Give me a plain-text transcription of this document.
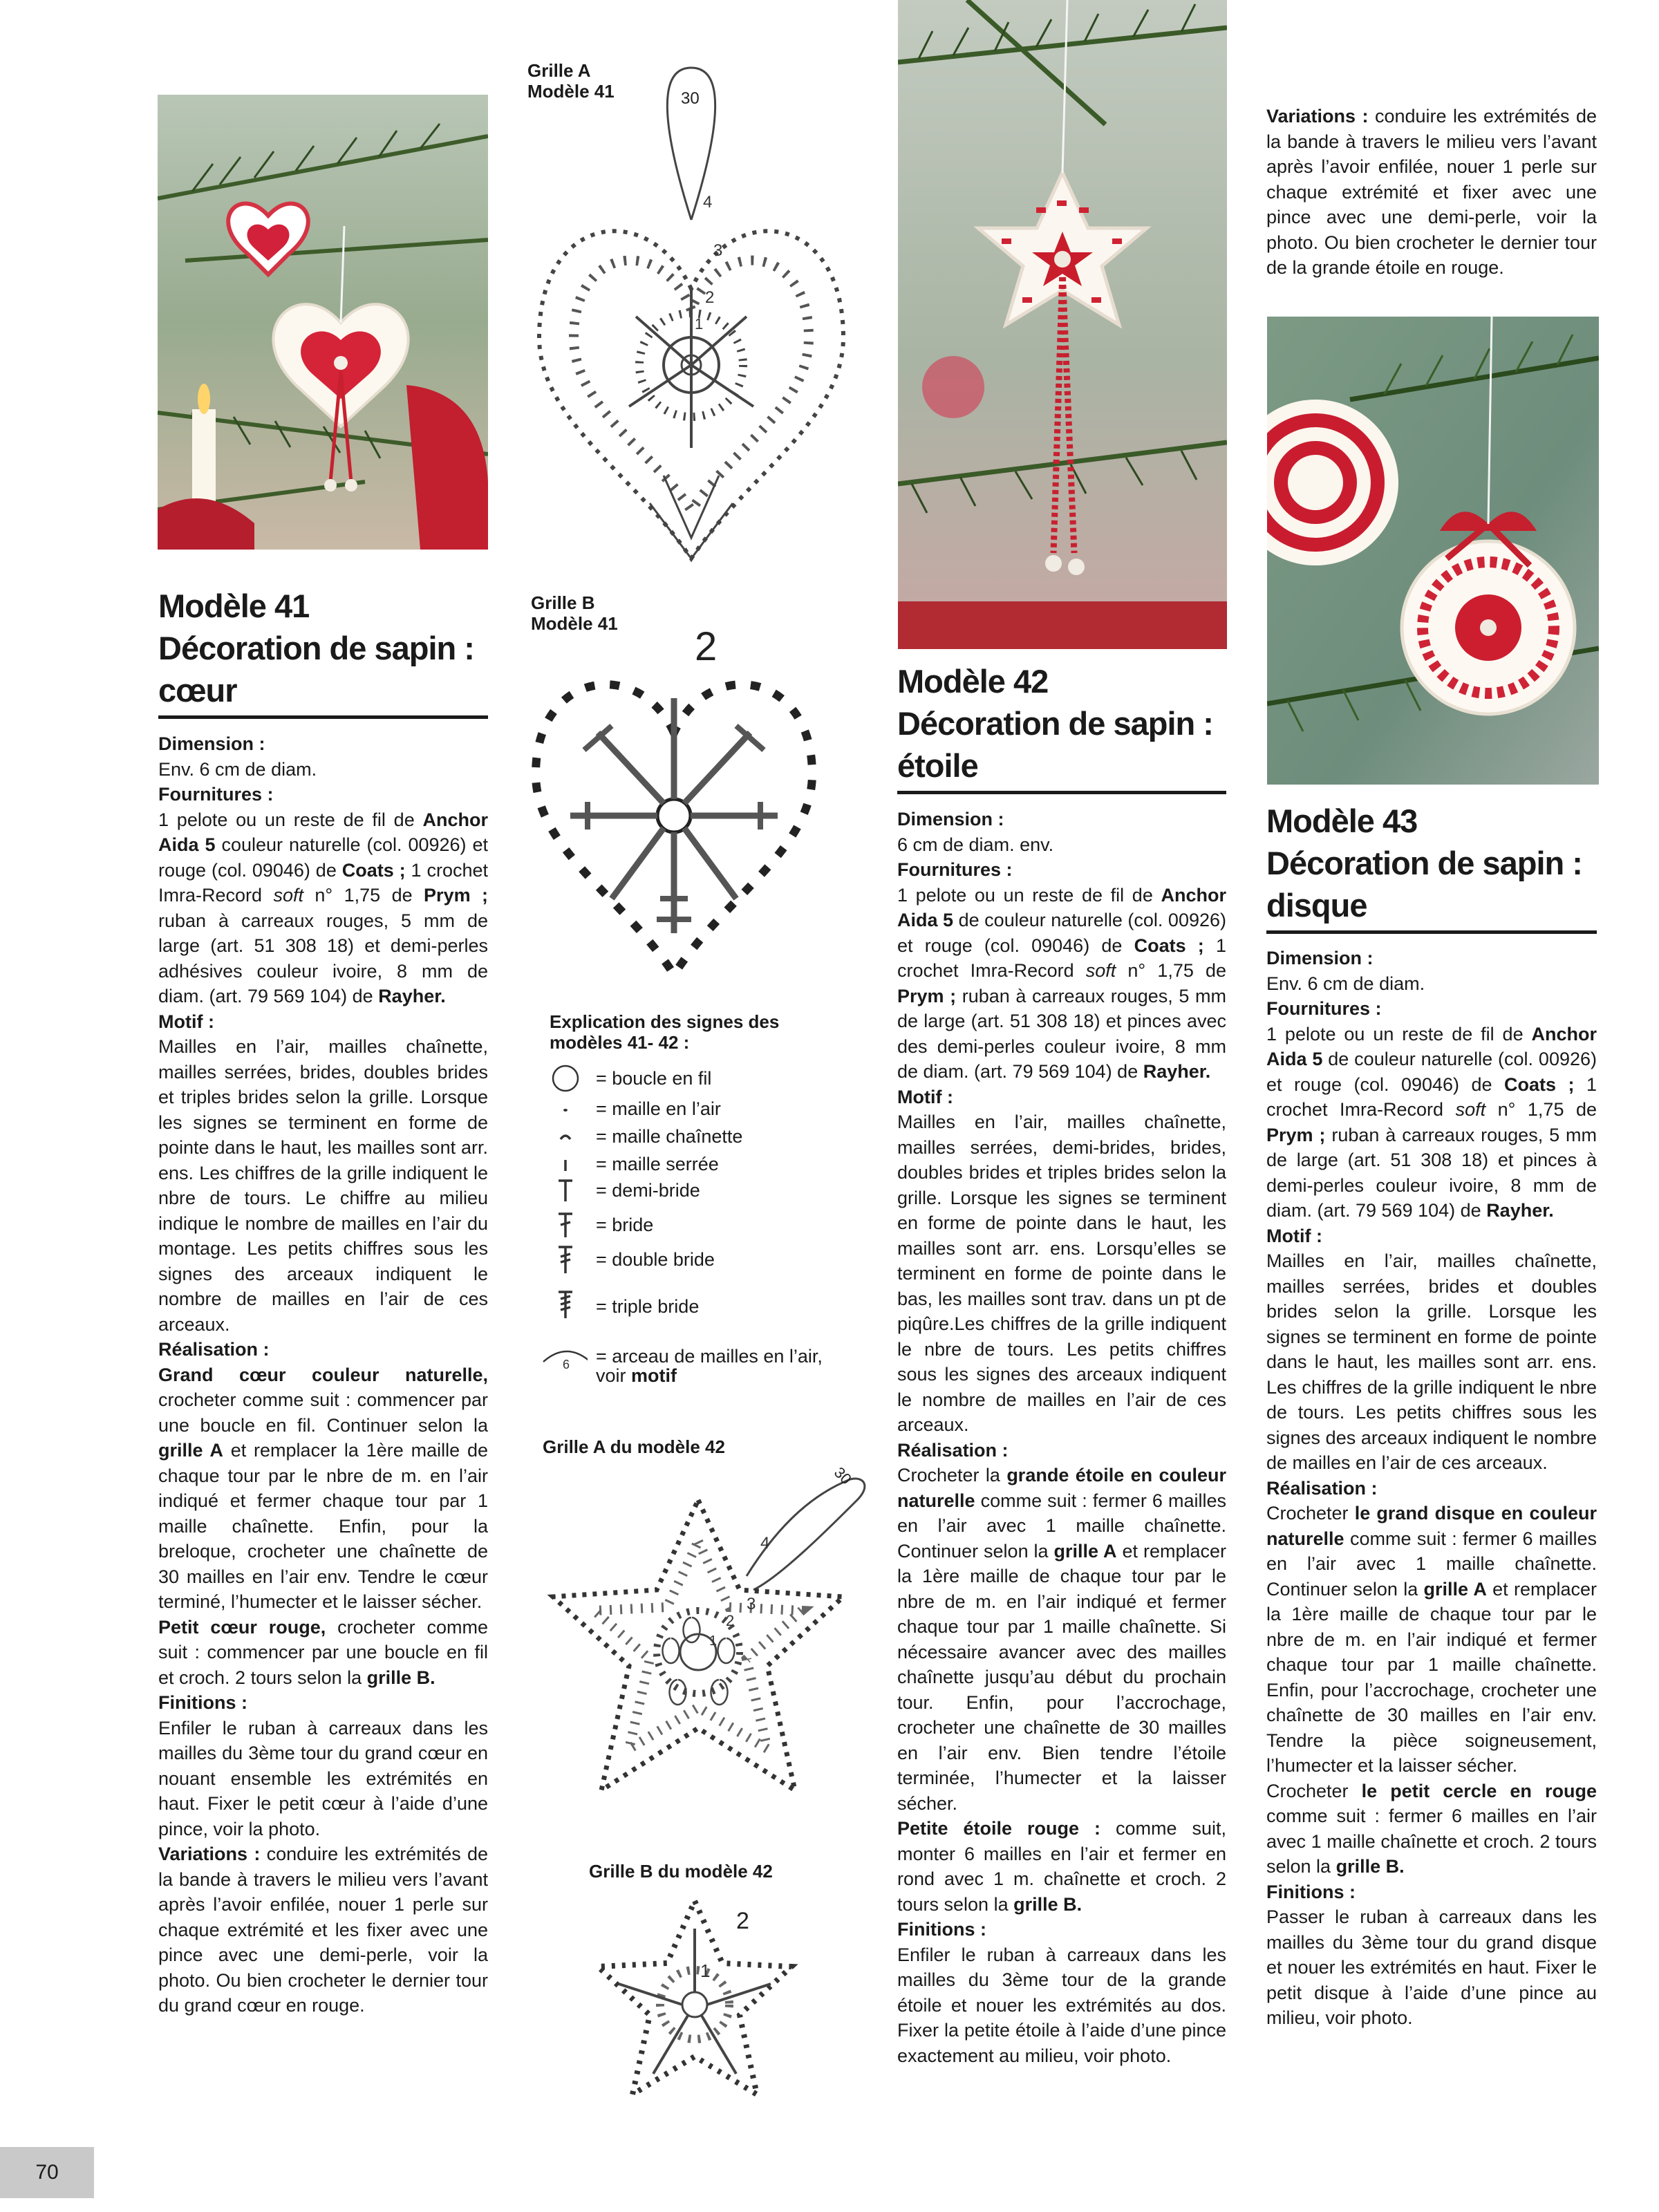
Grille A
Modèle 41	30
4
3
2
1
Grille B
Modèle 41
2
Explication des signes des
modèles 41- 42 :
= boucle en fil
= maille en l’air
= maille chaînette
= maille serrée
= demi-bride
= bride
= double bride
= triple bride
6 = arceau de mailles en l’air,
voir motif
Grille A du modèle 42
30
4
3
2
1
Grille B du modèle 42
2
1
Modèle 41
Décoration de sapin :
cœur

Dimension :

Env. 6 cm de diam.

Fournitures :

1 pelote ou un reste de fil de Anchor Aida 5 couleur naturelle (col. 00926) et rouge (col. 09046) de Coats ; 1 crochet Imra-Record soft n° 1,75 de Prym ; ruban à carreaux rouges, 5 mm de large (art. 51 308 18) et demi-perles adhésives couleur ivoire, 8 mm de diam. (art. 79 569 104) de Rayher.

Motif :

Mailles en l’air, mailles chaînette, mailles serrées, brides, doubles brides et triples brides selon la grille. Lorsque les signes se terminent en forme de pointe dans le haut, les mailles sont arr. ens. Les chiffres de la grille indiquent le nbre de tours. Le chiffre au milieu indique le nombre de mailles en l’air du montage. Les petits chiffres sous les signes des arceaux indiquent le nombre de mailles en l’air de ces arceaux.

Réalisation :

Grand cœur couleur naturelle, crocheter comme suit : commencer par une boucle en fil. Continuer selon la grille A et remplacer la 1ère maille de chaque tour par le nbre de m. en l’air indiqué et fermer chaque tour par 1 maille chaînette. Enfin, pour la breloque, crocheter une chaînette de 30 mailles en l’air env. Tendre le cœur terminé, l’humecter et le laisser sécher.

Petit cœur rouge, crocheter comme suit : commencer par une boucle en fil et croch. 2 tours selon la grille B.

Finitions :

Enfiler le ruban à carreaux dans les mailles du 3ème tour du grand cœur en nouant ensemble les extrémités en haut. Fixer le petit cœur à l’aide d’une pince, voir la photo.

Variations : conduire les extrémités de la bande à travers le milieu vers l’avant après l’avoir enfilée, nouer 1 perle sur chaque extrémité et les fixer avec une pince avec une demi-perle, voir la photo. Ou bien crocheter le dernier tour du grand cœur en rouge.

Modèle 42
Décoration de sapin :
étoile

Dimension :

6 cm de diam. env.

Fournitures :

1 pelote ou un reste de fil de Anchor Aida 5 de couleur naturelle (col. 00926) et rouge (col. 09046) de Coats ; 1 crochet Imra-Record soft n° 1,75 de Prym ; ruban à carreaux rouges, 5 mm de large (art. 51 308 18) et pinces avec des demi-perles couleur ivoire, 8 mm de diam. (art. 79 569 104) de Rayher.

Motif :

Mailles en l’air, mailles chaînette, mailles serrées, demi-brides, brides, doubles brides et triples brides selon la grille. Lorsque les signes se terminent en forme de pointe dans le haut, les mailles sont arr. ens. Lorsqu’elles se terminent en forme de pointe dans le bas, les mailles sont trav. dans un pt de piqûre.Les chiffres de la grille indiquent le nbre de tours. Les petits chiffres sous les signes des arceaux indiquent le nombre de mailles en l’air de ces arceaux.

Réalisation :

Crocheter la grande étoile en couleur naturelle comme suit : fermer 6 mailles en l’air avec 1 maille chaînette. Continuer selon la grille A et remplacer la 1ère maille de chaque tour par le nbre de m. en l’air indiqué et fermer chaque tour par 1 maille chaînette. Si nécessaire avancer avec des mailles chaînette jusqu’au début du prochain tour. Enfin, pour l’accrochage, crocheter une chaînette de 30 mailles en l’air env. Bien tendre l’étoile terminée, l’humecter et la laisser sécher.

Petite étoile rouge : comme suit, monter 6 mailles en l’air et fermer en rond avec 1 m. chaînette et croch. 2 tours selon la grille B.

Finitions :

Enfiler le ruban à carreaux dans les mailles du 3ème tour de la grande étoile et nouer les extrémités au dos. Fixer la petite étoile à l’aide d’une pince exactement au milieu, voir photo.

Variations : conduire les extrémités de la bande à travers le milieu vers l’avant après l’avoir enfilée, nouer 1 perle sur chaque extrémité et fixer avec une pince avec une demi-perle, voir la photo. Ou bien crocheter le dernier tour de la grande étoile en rouge.

Modèle 43
Décoration de sapin :
disque

Dimension :

Env. 6 cm de diam.

Fournitures :

1 pelote ou un reste de fil de Anchor Aida 5 de couleur naturelle (col. 00926) et rouge (col. 09046) de Coats ; 1 crochet Imra-Record soft n° 1,75 de Prym ; ruban à carreaux rouges, 5 mm de large (art. 51 308 18) et pinces à demi-perles couleur ivoire, 8 mm de diam. (art. 79 569 104) de Rayher.

Motif :

Mailles en l’air, mailles chaînette, mailles serrées, brides et doubles brides selon la grille. Lorsque les signes se terminent en forme de pointe dans le haut, les mailles sont arr. ens. Les chiffres de la grille indiquent le nbre de tours. Les petits chiffres sous les signes des arceaux indiquent le nombre de mailles en l’air de ces arceaux.

Réalisation :

Crocheter le grand disque en couleur naturelle comme suit : fermer 6 mailles en l’air avec 1 maille chaînette. Continuer selon la grille A et remplacer la 1ère maille de chaque tour par le nbre de m. en l’air indiqué et fermer chaque tour par 1 maille chaînette. Enfin, pour l’accrochage, crocheter une chaînette de 30 mailles en l’air env. Tendre la pièce soigneusement, l’humecter et la laisser sécher.

Crocheter le petit cercle en rouge comme suit : fermer 6 mailles en l’air avec 1 maille chaînette et croch. 2 tours selon la grille B.

Finitions :

Passer le ruban à carreaux dans les mailles du 3ème tour du grand disque et nouer les extrémités en haut. Fixer le petit disque à l’aide d’une pince au milieu, voir photo.

70
